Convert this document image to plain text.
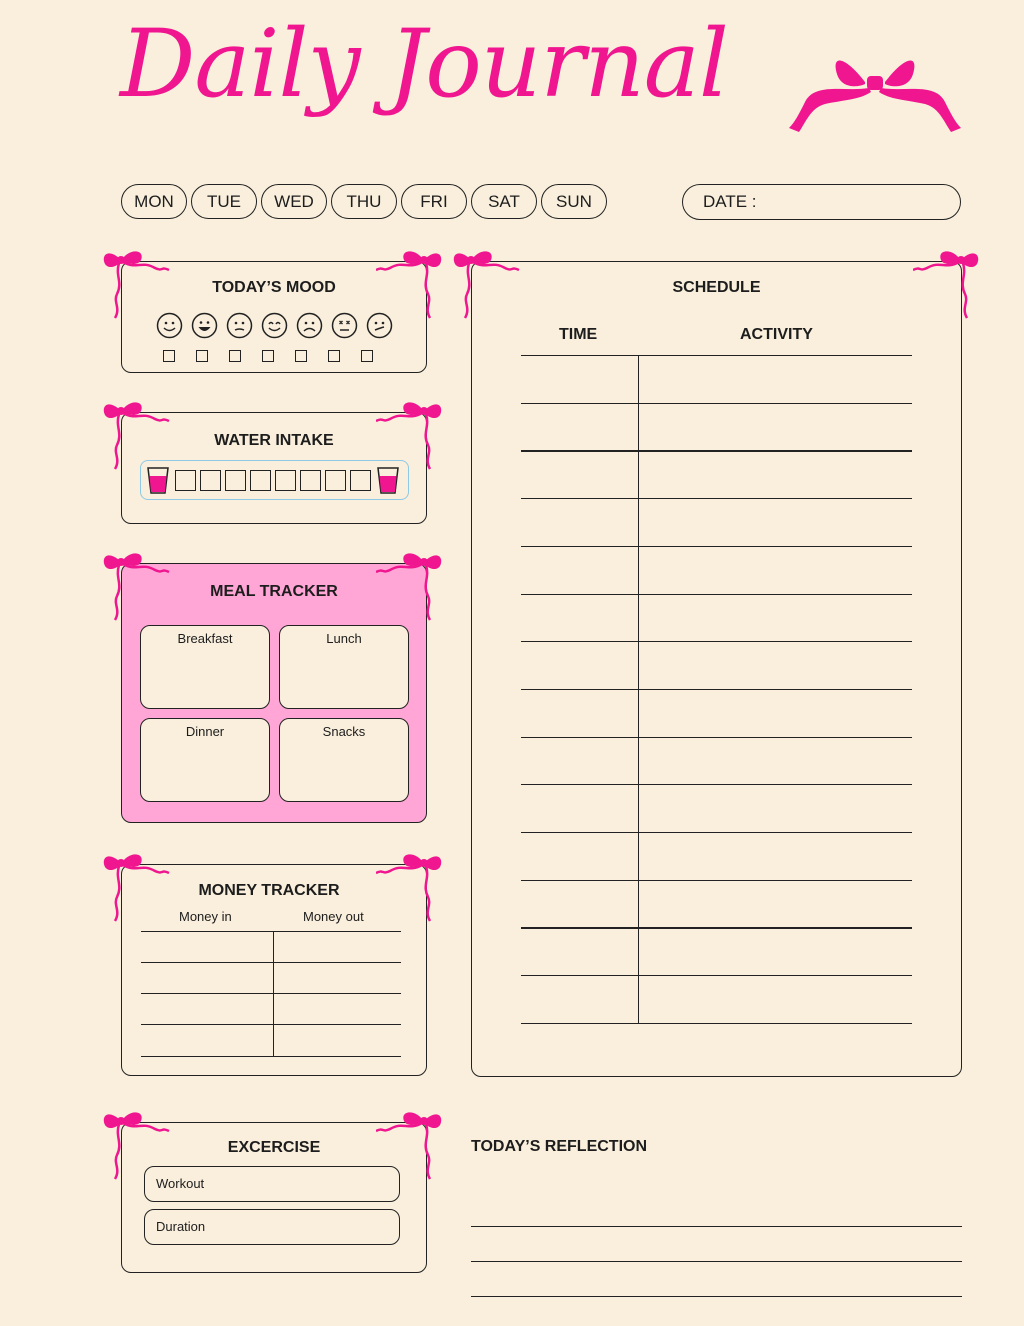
Daily Journal
MON	TUE	WED	THU	FRI	SAT	SUN	DATE :
TODAY’S MOOD
WATER INTAKE
MEAL TRACKER
Breakfast	Lunch
Dinner	Snacks
MONEY TRACKER
Money in	Money out
EXCERCISE
Workout
Duration
SCHEDULE
TIME	ACTIVITY
TODAY’S REFLECTION
